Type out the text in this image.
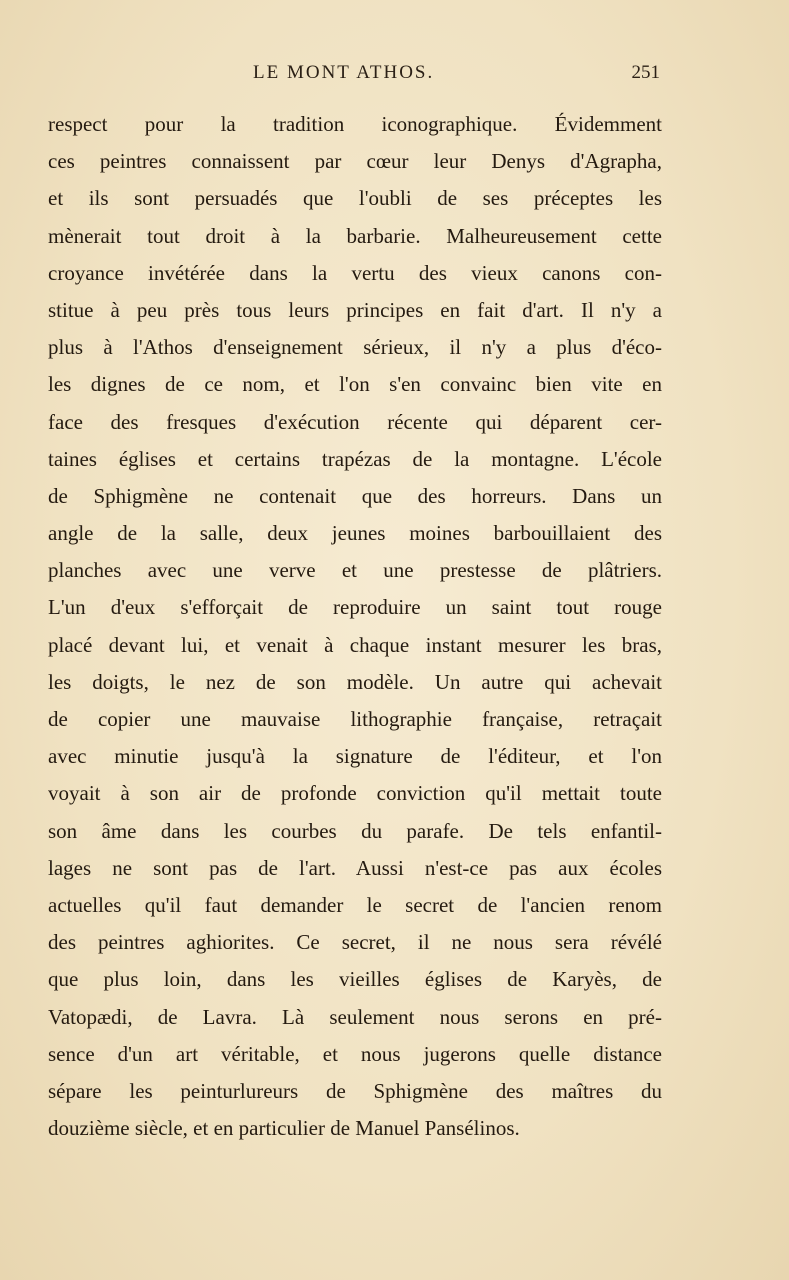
LE MONT ATHOS.	251
respect pour la tradition iconographique. Évidemment
ces peintres connaissent par cœur leur Denys d'Agrapha,
et ils sont persuadés que l'oubli de ses préceptes les
mènerait tout droit à la barbarie. Malheureusement cette
croyance invétérée dans la vertu des vieux canons con-
stitue à peu près tous leurs principes en fait d'art. Il n'y a
plus à l'Athos d'enseignement sérieux, il n'y a plus d'éco-
les dignes de ce nom, et l'on s'en convainc bien vite en
face des fresques d'exécution récente qui déparent cer-
taines églises et certains trapézas de la montagne. L'école
de Sphigmène ne contenait que des horreurs. Dans un
angle de la salle, deux jeunes moines barbouillaient des
planches avec une verve et une prestesse de plâtriers.
L'un d'eux s'efforçait de reproduire un saint tout rouge
placé devant lui, et venait à chaque instant mesurer les bras,
les doigts, le nez de son modèle. Un autre qui achevait
de copier une mauvaise lithographie française, retraçait
avec minutie jusqu'à la signature de l'éditeur, et l'on
voyait à son air de profonde conviction qu'il mettait toute
son âme dans les courbes du parafe. De tels enfantil-
lages ne sont pas de l'art. Aussi n'est-ce pas aux écoles
actuelles qu'il faut demander le secret de l'ancien renom
des peintres aghiorites. Ce secret, il ne nous sera révélé
que plus loin, dans les vieilles églises de Karyès, de
Vatopædi, de Lavra. Là seulement nous serons en pré-
sence d'un art véritable, et nous jugerons quelle distance
sépare les peinturlureurs de Sphigmène des maîtres du
douzième siècle, et en particulier de Manuel Pansélinos.
